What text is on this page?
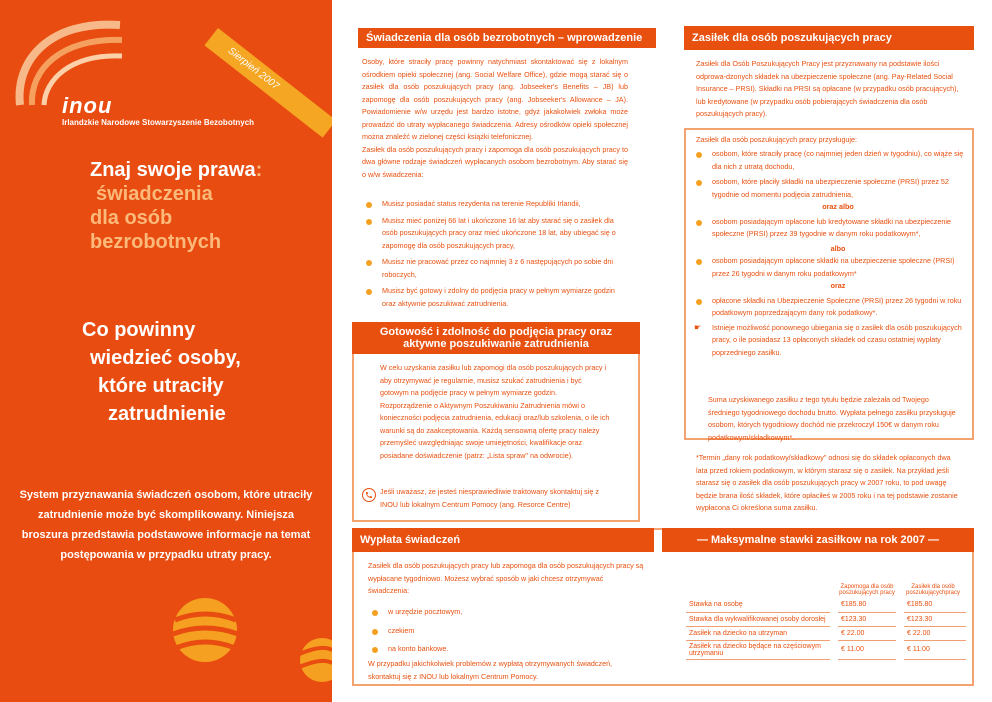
Sierpień 2007
inou
Irlandzkie Narodowe Stowarzyszenie Bezobotnych
Znaj swoje prawa:
świadczenia
dla osób
bezrobotnych
Co powinny
wiedzieć osoby,
które utraciły
zatrudnienie
System przyznawania świadczeń osobom, które utraciły zatrudnienie może być skomplikowany. Niniejsza broszura przedstawia podstawowe informacje na temat postępowania w przypadku utraty pracy.
Świadczenia dla osób bezrobotnych – wprowadzenie

Osoby, które straciły pracę powinny natychmiast skontaktować się z lokalnym ośrodkiem opieki społecznej (ang. Social Welfare Office), gdzie mogą starać się o zasiłek dla osób poszukujących pracy (ang. Jobseeker's Benefits – JB) lub zapomogę dla osób poszukujących pracy (ang. Jobseeker's Allowance – JA). Powiadomienie w/w urzędu jest bardzo istotne, gdyż jakakolwiek zwłoka może prowadzić do utraty wypłacanego świadczenia. Adresy ośrodków opieki społecznej można znaleźć w zielonej części książki telefonicznej.

Zasiłek dla osób poszukujących pracy i zapomoga dla osób poszukujących pracy to dwa główne rodzaje świadczeń wypłacanych osobom bezrobotnym. Aby starać się o w/w świadczenia:

Musisz posiadać status rezydenta na terenie Republiki Irlandii,
Musisz mieć poniżej 66 lat i ukończone 16 lat aby starać się o zasiłek dla osób poszukujących pracy oraz mieć ukończone 18 lat, aby ubiegać się o zapomogę dla osób poszukujących pracy,
Musisz nie pracować przez co najmniej 3 z 6 następujących po sobie dni roboczych,
Musisz być gotowy i zdolny do podjęcia pracy w pełnym wymiarze godzin oraz aktywnie poszukiwać zatrudnienia.
Gotowość i zdolność do podjęcia pracy oraz
aktywne poszukiwanie zatrudnienia
W celu uzyskania zasiłku lub zapomogi dla osób poszukujących pracy i aby otrzymywać je regularnie, musisz szukać zatrudnienia i być gotowym na podjęcie pracy w pełnym wymiarze godzin. Rozporządzenie o Aktywnym Poszukiwaniu Zatrudnienia mówi o konieczności podjęcia zatrudnienia, edukacji oraz/lub szkolenia, o ile ich warunki są do zaakceptowania. Każdą sensowną ofertę pracy należy przemyśleć uwzględniając swoje umiejętności, kwalifikacje oraz posiadane doświadczenie (patrz: „Lista spraw" na odwrocie).
Jeśli uważasz, że jesteś niesprawiedliwie traktowany skontaktuj się z INOU lub lokalnym Centrum Pomocy (ang. Resorce Centre)
Wypłata świadczeń
Zasiłek dla osób poszukujących pracy lub zapomoga dla osób poszukujących pracy są wypłacane tygodniowo. Możesz wybrać sposób w jaki chcesz otrzymywać świadczenia:
w urzędzie pocztowym,
czekiem
na konto bankowe.
W przypadku jakichkolwiek problemów z wypłatą otrzymywanych świadczeń, skontaktuj się z INOU lub lokalnym Centrum Pomocy.
Zasiłek dla osób poszukujących pracy
Zasiłek dla Osób Poszukujących Pracy jest przyznawany na podstawie ilości odprowa-dzonych składek na ubezpieczenie społeczne (ang. Pay-Related Social Insurance – PRSI). Składki na PRSI są opłacane (w przypadku osób pracujących), lub kredytowane (w przypadku osób pobierających świadczenia dla osób poszukujących pracy).
Zasiłek dla osób poszukujących pracy przysługuje:
osobom, które straciły pracę (co najmniej jeden dzień w tygodniu), co wiąże się dla nich z utratą dochodu,
osobom, które płaciły składki na ubezpieczenie społeczne (PRSI) przez 52 tygodnie od momentu podjęcia zatrudnienia,
oraz albo
osobom posiadającym opłacone lub kredytowane składki na ubezpieczenie społeczne (PRSI) przez 39 tygodnie w danym roku podatkowym*,
albo
osobom posiadającym opłacone składki na ubezpieczenie społeczne (PRSI) przez 26 tygodni w danym roku podatkowym*
oraz
opłacone składki na Ubezpieczenie Społeczne (PRSI) przez 26 tygodni w roku podatkowym poprzedzającym dany rok podatkowy*.
☛ Istnieje możliwość ponownego ubiegania się o zasiłek dla osób poszukujących pracy, o ile posiadasz 13 opłaconych składek od czasu ostatniej wypłaty poprzedniego zasiłku.
Suma uzyskiwanego zasiłku z tego tytułu będzie zależała od Twojego średniego tygodniowego dochodu brutto. Wypłata pełnego zasiłku przysługuje osobom, których tygodniowy dochód nie przekroczył 150€ w danym roku podatkowym/składkowym*.
*Termin „dany rok podatkowy/składkowy" odnosi się do składek opłaconych dwa lata przed rokiem podatkowym, w którym starasz się o zasiłek. Na przykład jeśli starasz się o zasiłek dla osób poszukujących pracy w 2007 roku, to pod uwagę będzie brana ilość składek, które opłaciłeś w 2005 roku i na tej podstawie zostanie wypłacona Ci określona suma zasiłku.
— Maksymalne stawki zasiłkow na rok 2007 —
	Zapomoga dla osób poszukujących pracy	Zasiłek dla osób poszukującychpracy
Stawka na osobę	€185.80	€185.80
Stawka dla wykwalifikowanej osoby dorosłej	€123.30	€123.30
Zasiłek na dziecko na utrzyman	€ 22.00	€ 22.00
Zasiłek na dziecko będące na częściowym utrzymaniu	€ 11.00	€ 11.00
